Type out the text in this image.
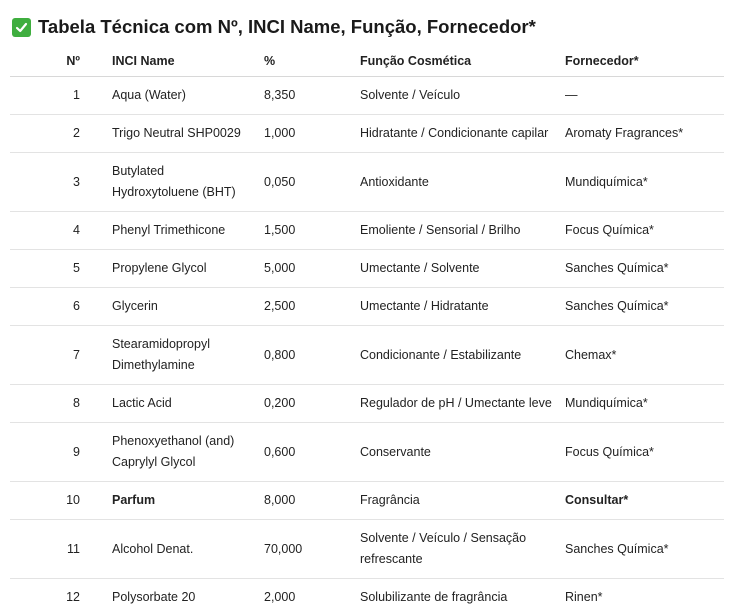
Tabela Técnica com Nº, INCI Name, Função, Fornecedor*
Nº	INCI Name	%	Função Cosmética	Fornecedor*
1	Aqua (Water)	8,350	Solvente / Veículo	—
2	Trigo Neutral SHP0029	1,000	Hidratante / Condicionante capilar	Aromaty Fragrances*
3	Butylated Hydroxytoluene (BHT)	0,050	Antioxidante	Mundiquímica*
4	Phenyl Trimethicone	1,500	Emoliente / Sensorial / Brilho	Focus Química*
5	Propylene Glycol	5,000	Umectante / Solvente	Sanches Química*
6	Glycerin	2,500	Umectante / Hidratante	Sanches Química*
7	Stearamidopropyl Dimethylamine	0,800	Condicionante / Estabilizante	Chemax*
8	Lactic Acid	0,200	Regulador de pH / Umectante leve	Mundiquímica*
9	Phenoxyethanol (and) Caprylyl Glycol	0,600	Conservante	Focus Química*
10	Parfum	8,000	Fragrância	Consultar*
11	Alcohol Denat.	70,000	Solvente / Veículo / Sensação refrescante	Sanches Química*
12	Polysorbate 20	2,000	Solubilizante de fragrância	Rinen*
